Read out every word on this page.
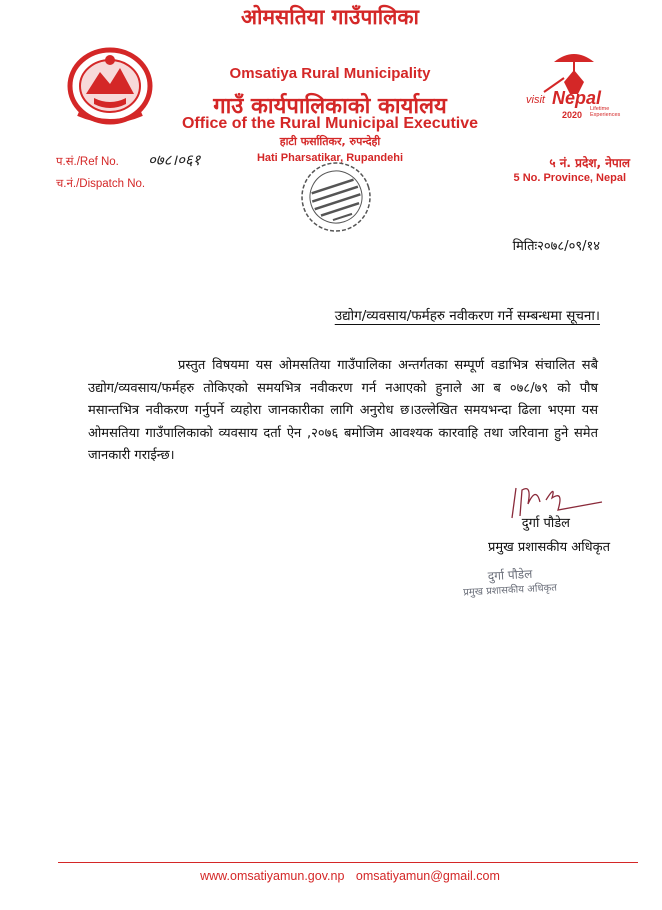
ओमसतिया गाउँपालिका
Omsatiya Rural Municipality
गाउँ कार्यपालिकाको कार्यालय
Office of the Rural Municipal Executive
हाटी फर्सातिकर, रुपन्देही
Hati Pharsatikar, Rupandehi
visit Nepal
2020
Lifetime Experiences
प.सं./Ref No. ०७८।०६१
च.नं./Dispatch No.
५ नं. प्रदेश, नेपाल
5 No. Province, Nepal
मितिः२०७८/०९/१४
उद्योग/व्यवसाय/फर्महरु नवीकरण गर्ने सम्बन्धमा सूचना।
प्रस्तुत विषयमा यस ओमसतिया गाउँपालिका अन्तर्गतका सम्पूर्ण वडाभित्र संचालित सबै उद्योग/व्यवसाय/फर्महरु तोकिएको समयभित्र नवीकरण गर्न नआएको हुनाले आ ब ०७८/७९ को पौष मसान्तभित्र नवीकरण गर्नुपर्ने व्यहोरा जानकारीका लागि अनुरोध छ।उल्लेखित समयभन्दा ढिला भएमा यस ओमसतिया गाउँपालिकाको व्यवसाय दर्ता ऐन ,२०७६ बमोजिम आवश्यक कारवाहि तथा जरिवाना हुने समेत जानकारी गराईन्छ।
दुर्गा पौडेल
प्रमुख प्रशासकीय अधिकृत
दुर्गा पौडेल
प्रमुख प्रशासकीय अधिकृत
www.omsatiyamun.gov.np omsatiyamun@gmail.com
